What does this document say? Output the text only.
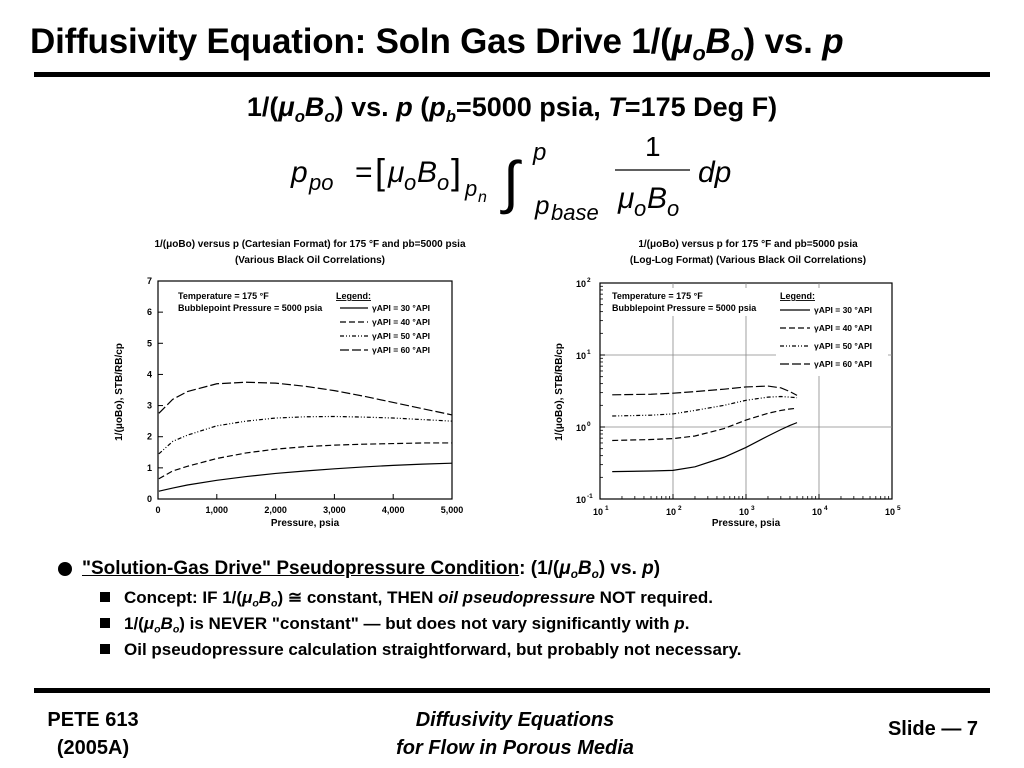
Diffusivity Equation: Soln Gas Drive $1/(\mu_oB_o)$ vs. p
$1/(\mu_oB_o)$ vs. p ($p_b=5000$ psia, T=175 Deg F)
p po = [ μ o B o ] p n ∫ p
p base
1
μ o B o
dp
1/(μoBo) versus p (Cartesian Format) for 175 °F and pb=5000 psia
(Various Black Oil Correlations)
0
1
2
3
4
5
6
7
0	1,000	2,000	3,000	4,000	5,000
Temperature = 175 °F
Bubblepoint Pressure = 5000 psia
Legend:
γAPI = 30 °API
γAPI = 40 °API
γAPI = 50 °API
γAPI = 60 °API
Pressure, psia
1/(μoBo), STB/RB/cp
1/(μoBo) versus p for 175 °F and pb=5000 psia
(Log-Log Format) (Various Black Oil Correlations)
10 -1
10 0
10 1
10 2
10 1	10 2	10 3	10 4	10 5
Temperature = 175 °F
Bubblepoint Pressure = 5000 psia
Legend:
γAPI = 30 °API
γAPI = 40 °API
γAPI = 50 °API
γAPI = 60 °API
Pressure, psia
1/(μoBo), STB/RB/cp
"Solution-Gas Drive" Pseudopressure Condition: ($1/(\mu_oB_o)$ vs. p)
Concept: IF $1/(\mu_oB_o)$ ≅ constant, THEN oil pseudopressure NOT required.
$1/(\mu_oB_o)$ is NEVER "constant" — but does not vary significantly with p.
Oil pseudopressure calculation straightforward, but probably not necessary.
PETE 613
(2005A)
Diffusivity Equations
for Flow in Porous Media
Slide — 7
